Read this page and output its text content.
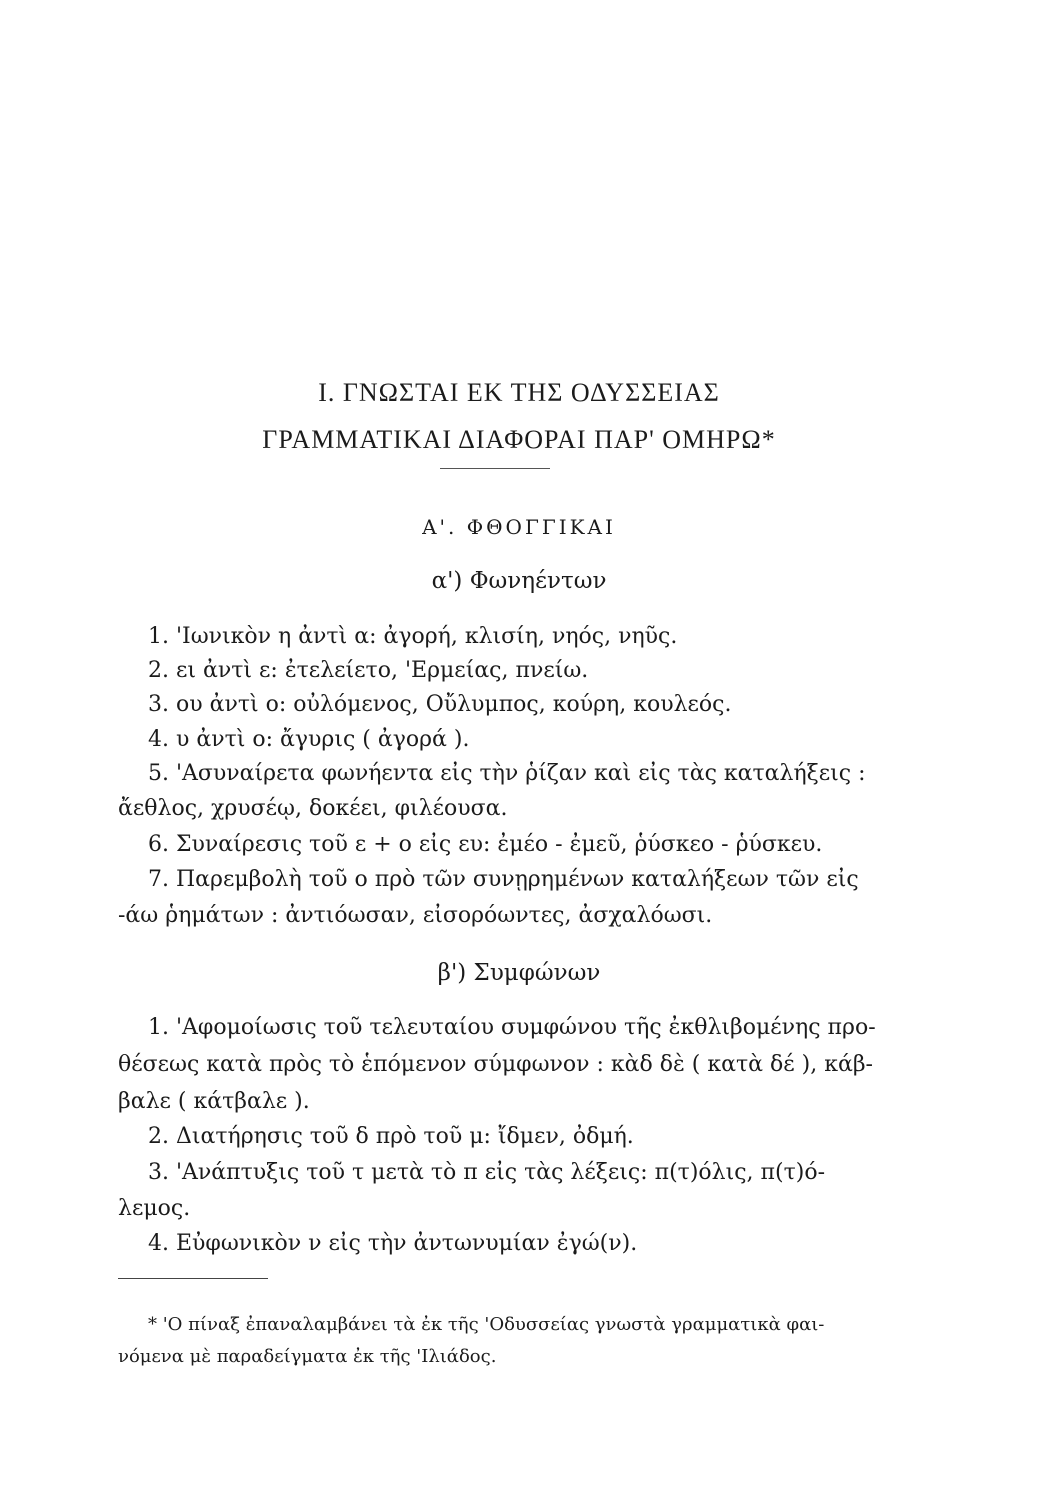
I. ΓΝΩΣΤΑΙ ΕΚ ΤΗΣ ΟΔΥΣΣΕΙΑΣ
ΓΡΑΜΜΑΤΙΚΑΙ ΔΙΑΦΟΡΑΙ ΠΑΡ' ΟΜΗΡΩ*
Α'. ΦΘΟΓΓΙΚΑΙ
α') Φωνηέντων
1. 'Ιωνικὸν η ἀντὶ α: ἀγορή, κλισίη, νηός, νηῦς.
2. ει ἀντὶ ε: ἐτελείετο, 'Ερμείας, πνείω.
3. ου ἀντὶ ο: οὐλόμενος, Οὔλυμπος, κούρη, κουλεός.
4. υ ἀντὶ ο: ἄγυρις ( ἀγορά ).
5. 'Ασυναίρετα φωνήεντα εἰς τὴν ῥίζαν καὶ εἰς τὰς καταλήξεις :
ἄεθλος, χρυσέῳ, δοκέει, φιλέουσα.
6. Συναίρεσις τοῦ ε + ο εἰς ευ: ἐμέο - ἐμεῦ, ῥύσκεο - ῥύσκευ.
7. Παρεμβολὴ τοῦ ο πρὸ τῶν συνῃρημένων καταλήξεων τῶν εἰς
-άω ῥημάτων : ἀντιόωσαν, εἰσορόωντες, ἀσχαλόωσι.
β') Συμφώνων
1. 'Αφομοίωσις τοῦ τελευταίου συμφώνου τῆς ἐκθλιβομένης προ-
θέσεως κατὰ πρὸς τὸ ἑπόμενον σύμφωνον : κὰδ δὲ ( κατὰ δέ ), κάβ-
βαλε ( κάτβαλε ).
2. Διατήρησις τοῦ δ πρὸ τοῦ μ: ἴδμεν, ὀδμή.
3. 'Ανάπτυξις τοῦ τ μετὰ τὸ π εἰς τὰς λέξεις: π(τ)όλις, π(τ)ό-
λεμος.
4. Εὐφωνικὸν ν εἰς τὴν ἀντωνυμίαν ἐγώ(ν).
* 'Ο πίναξ ἐπαναλαμβάνει τὰ ἐκ τῆς 'Οδυσσείας γνωστὰ γραμματικὰ φαι-
νόμενα μὲ παραδείγματα ἐκ τῆς 'Ιλιάδος.
